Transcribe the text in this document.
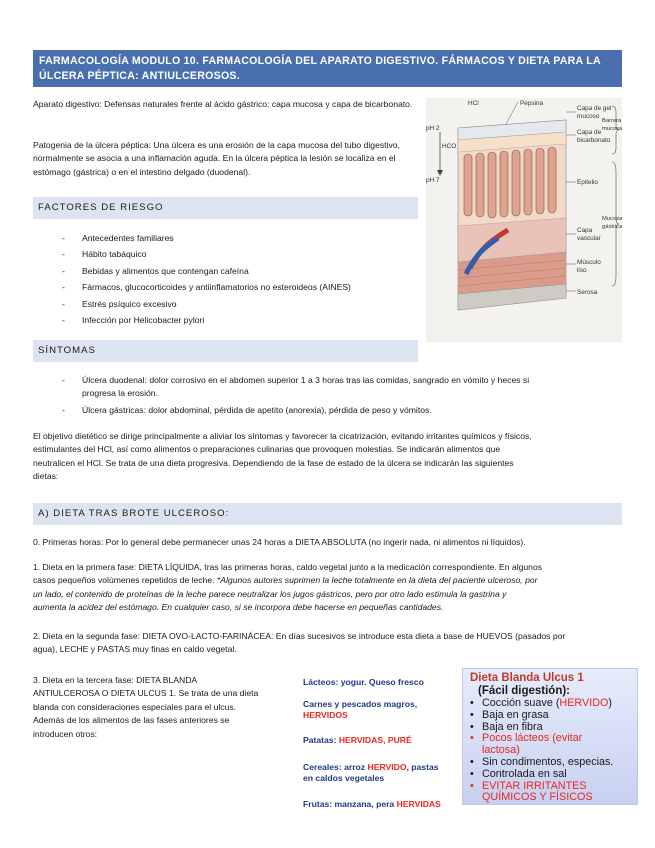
FARMACOLOGÍA MODULO 10. FARMACOLOGÍA DEL APARATO DIGESTIVO. FÁRMACOS Y DIETA PARA LA ÚLCERA PÉPTICA: ANTIULCEROSOS.
Aparato digestivo: Defensas naturales frente al ácido gástrico: capa mucosa y capa de bicarbonato.
Patogenia de la úlcera péptica: Una úlcera es una erosión de la capa mucosa del tubo digestivo, normalmente se asocia a una inflamación aguda. En la úlcera péptica la lesión se localiza en el estómago (gástrica) o en el intestino delgado (duodenal).
Pepsina
HCl
pH 2
pH 7
HCO
Capa de gel
mucoso
Capa de
bicarbonato
Barrera
mucosa
Epitelio
Mucosa
gástrica
Capa
vascular
Músculo
liso
Serosa
FACTORES DE RIESGO
- Antecedentes familiares
- Hábito tabáquico
- Bebidas y alimentos que contengan cafeína
- Fármacos, glucocorticoides y antiinflamatorios no esteroideos (AINES)
- Estrés psíquico excesivo
- Infección por Helicobacter pylori
SÍNTOMAS
- Úlcera duodenal: dolor corrosivo en el abdomen superior 1 a 3 horas tras las comidas, sangrado en vómito y heces si
progresa la erosión.
- Úlcera gástricas: dolor abdominal, pérdida de apetito (anorexia), pérdida de peso y vómitos.
El objetivo dietético se dirige principalmente a aliviar los síntomas y favorecer la cicatrización, evitando irritantes químicos y físicos,
estimulantes del HCl, así como alimentos o preparaciones culinarias que provoquen molestias. Se indicarán alimentos que
neutralicen el HCl. Se trata de una dieta progresiva. Dependiendo de la fase de estado de la úlcera se indicarán las siguientes
dietas:
A) DIETA TRAS BROTE ULCEROSO:
0. Primeras horas: Por lo general debe permanecer unas 24 horas a DIETA ABSOLUTA (no ingerir nada, ni alimentos ni líquidos).
1. Dieta en la primera fase: DIETA LÍQUIDA, tras las primeras horas, caldo vegetal junto a la medicación correspondiente. En algunos
casos pequeños volúmenes repetidos de leche. *Algunos autores suprimen la leche totalmente en la dieta del paciente ulceroso, por
un lado, el contenido de proteínas de la leche parece neutralizar los jugos gástricos, pero por otro lado estimula la gastrina y
aumenta la acidez del estómago. En cualquier caso, si se incorpora debe hacerse en pequeñas cantidades.
2. Dieta en la segunda fase: DIETA OVO-LACTO-FARINÁCEA: En días sucesivos se introduce esta dieta a base de HUEVOS (pasados por
agua), LECHE y PASTAS muy finas en caldo vegetal.
3. Dieta en la tercera fase: DIETA BLANDA
ANTIULCEROSA O DIETA ULCUS 1. Se trata de una dieta
blanda con consideraciones especiales para el ulcus.
Además de los alimentos de las fases anteriores se
introducen otros:
Lácteos: yogur. Queso fresco
Carnes y pescados magros,
HERVIDOS
Patatas: HERVIDAS, PURÉ
Cereales: arroz HERVIDO, pastas
en caldos vegetales
Frutas: manzana, pera HERVIDAS
Dieta Blanda Ulcus 1
(Fácil digestión):
• Cocción suave (HERVIDO)
• Baja en grasa
• Baja en fibra
• Pocos lácteos (evitar
lactosa)
• Sin condimentos, especias.
• Controlada en sal
• EVITAR IRRITANTES
QUÍMICOS Y FÍSICOS
